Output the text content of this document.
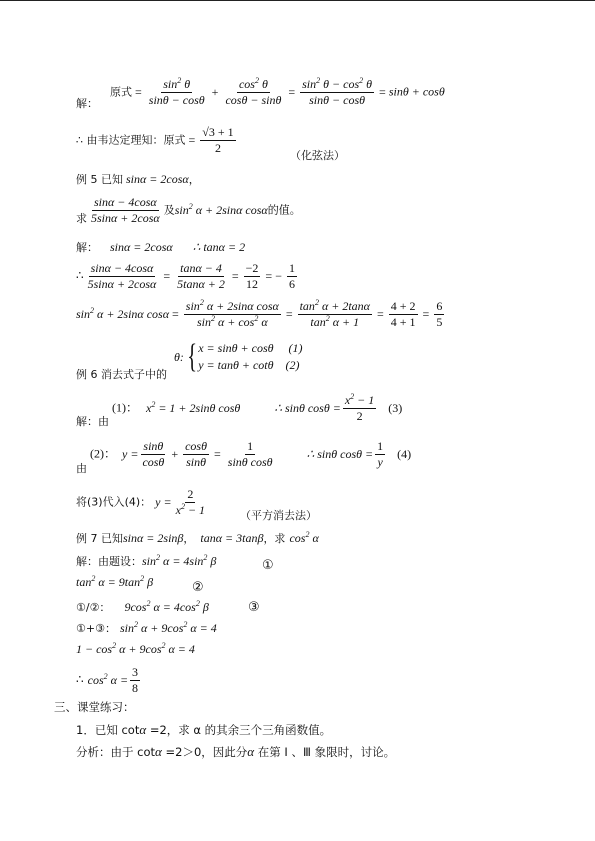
解：
原式 = $\frac{\sin^2 \theta}{\sin\theta - \cos\theta} + \frac{\cos^2 \theta}{\cos\theta - \sin\theta} = \frac{\sin^2 \theta - \cos^2 \theta}{\sin\theta - \cos\theta} = \sin\theta + \cos\theta$
∴ 由韦达定理知：原式 = $\frac{√3 + 1}{2}$
（化弦法）
例 5 已知 sinα = 2cosα，
求 $\frac{\sin\alpha - 4\cos\alpha}{5\sin\alpha + 2\cos\alpha}$ 及$\sin^2 \alpha + 2\sin\alpha$ cosα的值。
解： sinα = 2cosα ∴ tanα = 2
∴ $\frac{\sin\alpha - 4\cos\alpha}{5\sin\alpha + 2\cos\alpha} = \frac{\tan\alpha - 4}{5\tan\alpha + 2} = \frac{-2}{12}$ = − $\frac{1}{6}$
$\sin^2 \alpha + 2\sin\alpha$ $\cos\alpha = \frac{\sin^2 \alpha + 2\sin\alpha \cos\alpha}{\sin^2 \alpha + \cos^2 \alpha} = \frac{\tan^2 \alpha + 2\tan\alpha}{\tan^2 \alpha + 1} = \frac{4 + 2}{4 + 1} = \frac{6}{5}$
例 6 消去式子中的
θ:{ x = sinθ + cosθ     (1)
y = tanθ + cotθ    (2)
解：由
(1)： $x^2 = 1 + 2\sin\theta$ cosθ	∴ sinθ $\cos\theta = \frac{x^2 - 1}{2} (3)$
由
(2)： $y = \frac{\sin\theta}{\cos\theta} + \frac{\cos\theta}{\sin\theta} = \frac{1}{\text{sinθ cosθ}}$	∴ sinθ $\cos\theta = \frac{1}{y} (4)$
将(3)代入(4)： $y = \frac{2}{x^2 - 1}$	（平方消去法）
例 7 已知sinα = 2sinβ， tanα = 3tanβ，求 $\cos^2 \alpha$
解：由题设：$\sin^2 \alpha = 4\sin^2$ β	①
$\tan^2 \alpha = 9\tan^2$ β	②
①/②： $9\cos^2$ $\alpha = 4\cos^2$ β	③
①+③： $\sin^2 \alpha + 9\cos^2$ α = 4
$1 - \cos^2 \alpha + 9\cos^2$ α = 4
∴ $\cos^2 \alpha = \frac{3}{8}$
三、课堂练习：
1．已知 cotα =2，求 α 的其余三个三角函数值。
分析：由于 cotα =2＞0，因此分α 在第 Ⅰ 、Ⅲ 象限时，讨论。
